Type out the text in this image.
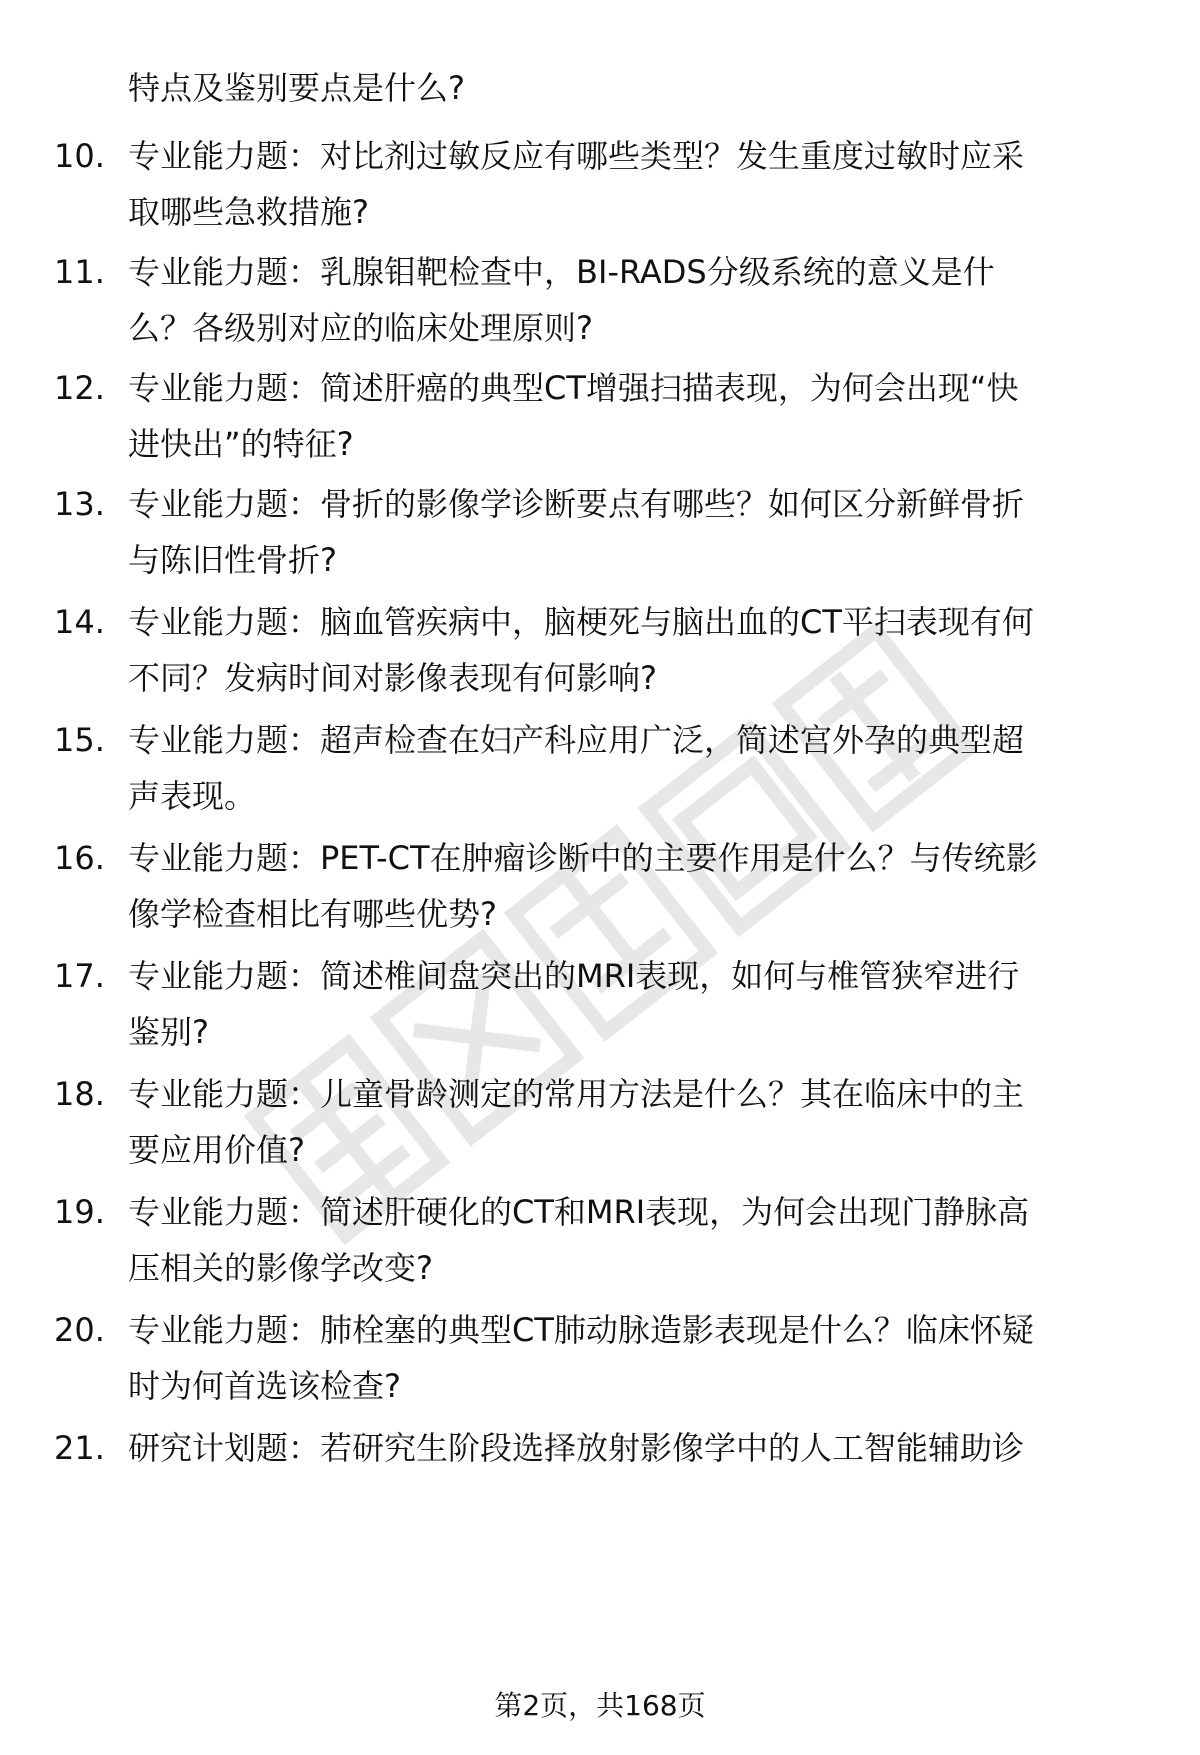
特点及鉴别要点是什么?
10. 专业能力题：对比剂过敏反应有哪些类型？发生重度过敏时应采
取哪些急救措施?
11. 专业能力题：乳腺钼靶检查中，BI-RADS分级系统的意义是什
么？各级别对应的临床处理原则?
12. 专业能力题：简述肝癌的典型CT增强扫描表现，为何会出现“快
进快出”的特征?
13. 专业能力题：骨折的影像学诊断要点有哪些？如何区分新鲜骨折
与陈旧性骨折?
14. 专业能力题：脑血管疾病中，脑梗死与脑出血的CT平扫表现有何
不同？发病时间对影像表现有何影响?
15. 专业能力题：超声检查在妇产科应用广泛，简述宫外孕的典型超
声表现。
16. 专业能力题：PET-CT在肿瘤诊断中的主要作用是什么？与传统影
像学检查相比有哪些优势?
17. 专业能力题：简述椎间盘突出的MRI表现，如何与椎管狭窄进行
鉴别?
18. 专业能力题：儿童骨龄测定的常用方法是什么？其在临床中的主
要应用价值?
19. 专业能力题：简述肝硬化的CT和MRI表现，为何会出现门静脉高
压相关的影像学改变?
20. 专业能力题：肺栓塞的典型CT肺动脉造影表现是什么？临床怀疑
时为何首选该检查?
21. 研究计划题：若研究生阶段选择放射影像学中的人工智能辅助诊
第2页，共168页
